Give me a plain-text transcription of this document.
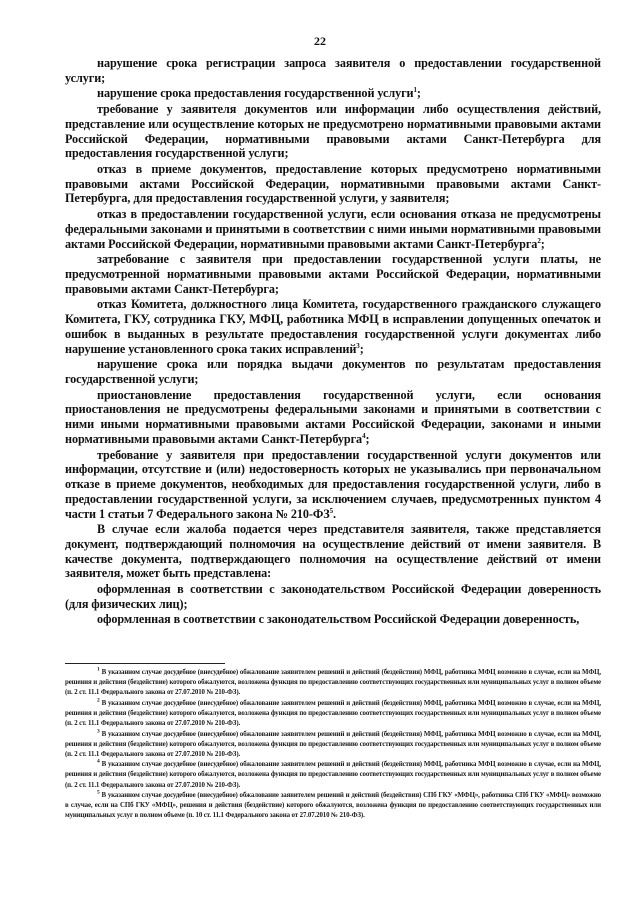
22

нарушение срока регистрации запроса заявителя о предоставлении государственной услуги;

нарушение срока предоставления государственной услуги$^1$;

требование у заявителя документов или информации либо осуществления действий, представление или осуществление которых не предусмотрено нормативными правовыми актами Российской Федерации, нормативными правовыми актами Санкт-Петербурга для предоставления государственной услуги;

отказ в приеме документов, предоставление которых предусмотрено нормативными правовыми актами Российской Федерации, нормативными правовыми актами Санкт-Петербурга, для предоставления государственной услуги, у заявителя;

отказ в предоставлении государственной услуги, если основания отказа не предусмотрены федеральными законами и принятыми в соответствии с ними иными нормативными правовыми актами Российской Федерации, нормативными правовыми актами Санкт-Петербурга$^2$;

затребование с заявителя при предоставлении государственной услуги платы, не предусмотренной нормативными правовыми актами Российской Федерации, нормативными правовыми актами Санкт-Петербурга;

отказ Комитета, должностного лица Комитета, государственного гражданского служащего Комитета, ГКУ, сотрудника ГКУ, МФЦ, работника МФЦ в исправлении допущенных опечаток и ошибок в выданных в результате предоставления государственной услуги документах либо нарушение установленного срока таких исправлений$^3$;

нарушение срока или порядка выдачи документов по результатам предоставления государственной услуги;

приостановление предоставления государственной услуги, если основания приостановления не предусмотрены федеральными законами и принятыми в соответствии с ними иными нормативными правовыми актами Российской Федерации, законами и иными нормативными правовыми актами Санкт-Петербурга$^4$;

требование у заявителя при предоставлении государственной услуги документов или информации, отсутствие и (или) недостоверность которых не указывались при первоначальном отказе в приеме документов, необходимых для предоставления государственной услуги, либо в предоставлении государственной услуги, за исключением случаев, предусмотренных пунктом 4 части 1 статьи 7 Федерального закона № $210-ФЗ^5$.

В случае если жалоба подается через представителя заявителя, также представляется документ, подтверждающий полномочия на осуществление действий от имени заявителя. В качестве документа, подтверждающего полномочия на осуществление действий от имени заявителя, может быть представлена:

оформленная в соответствии с законодательством Российской Федерации доверенность (для физических лиц);

оформленная в соответствии с законодательством Российской Федерации доверенность,

$^1$ В указанном случае досудебное (внесудебное) обжалование заявителем решений и действий (бездействия) МФЦ, работника МФЦ возможно в случае, если на МФЦ, решения и действия (бездействие) которого обжалуются, возложена функция по предоставлению соответствующих государственных или муниципальных услуг в полном объеме (п. 2 ст. 11.1 Федерального закона от 27.07.2010 № 210-ФЗ).

$^2$ В указанном случае досудебное (внесудебное) обжалование заявителем решений и действий (бездействия) МФЦ, работника МФЦ возможно в случае, если на МФЦ, решения и действия (бездействие) которого обжалуются, возложена функция по предоставлению соответствующих государственных или муниципальных услуг в полном объеме (п. 2 ст. 11.1 Федерального закона от 27.07.2010 № 210-ФЗ).

$^3$ В указанном случае досудебное (внесудебное) обжалование заявителем решений и действий (бездействия) МФЦ, работника МФЦ возможно в случае, если на МФЦ, решения и действия (бездействие) которого обжалуются, возложена функция по предоставлению соответствующих государственных или муниципальных услуг в полном объеме (п. 2 ст. 11.1 Федерального закона от 27.07.2010 № 210-ФЗ).

$^4$ В указанном случае досудебное (внесудебное) обжалование заявителем решений и действий (бездействия) МФЦ, работника МФЦ возможно в случае, если на МФЦ, решения и действия (бездействие) которого обжалуются, возложена функция по предоставлению соответствующих государственных или муниципальных услуг в полном объеме (п. 2 ст. 11.1 Федерального закона от 27.07.2010 № 210-ФЗ).

$^5$ В указанном случае досудебное (внесудебное) обжалование заявителем решений и действий (бездействия) СПб ГКУ «МФЦ», работника СПб ГКУ «МФЦ» возможно в случае, если на СПб ГКУ «МФЦ», решения и действия (бездействие) которого обжалуются, возложена функция по предоставлению соответствующих государственных или муниципальных услуг в полном объеме (п. 10 ст. 11.1 Федерального закона от 27.07.2010 № 210-ФЗ).
